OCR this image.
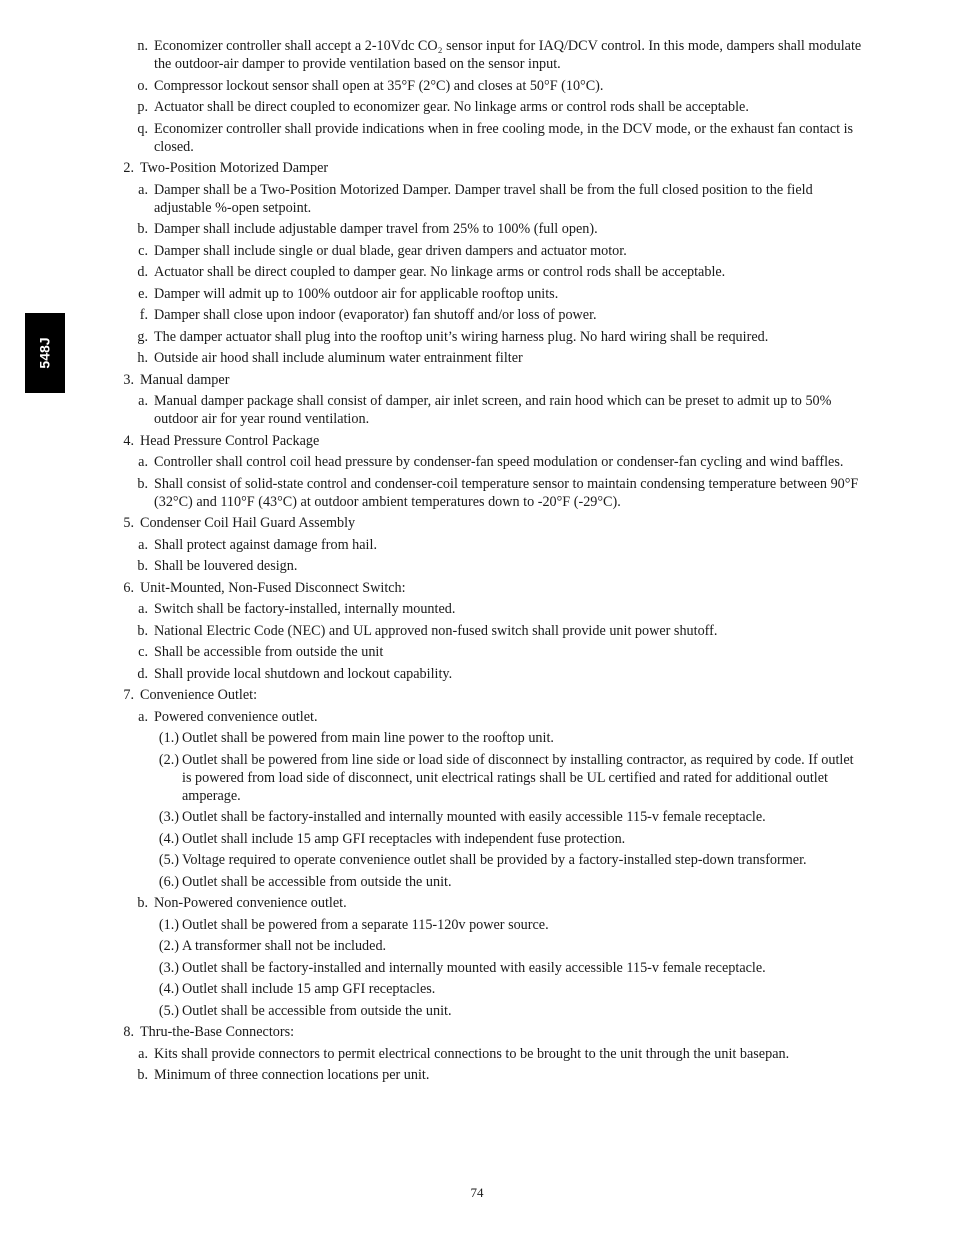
548J
n. Economizer controller shall accept a 2-10Vdc CO₂ sensor input for IAQ/DCV control. In this mode, dampers shall modulate the outdoor-air damper to provide ventilation based on the sensor input.
o. Compressor lockout sensor shall open at 35°F (2°C) and closes at 50°F (10°C).
p. Actuator shall be direct coupled to economizer gear. No linkage arms or control rods shall be acceptable.
q. Economizer controller shall provide indications when in free cooling mode, in the DCV mode, or the exhaust fan contact is closed.
2. Two-Position Motorized Damper
a. Damper shall be a Two-Position Motorized Damper. Damper travel shall be from the full closed position to the field adjustable %-open setpoint.
b. Damper shall include adjustable damper travel from 25% to 100% (full open).
c. Damper shall include single or dual blade, gear driven dampers and actuator motor.
d. Actuator shall be direct coupled to damper gear. No linkage arms or control rods shall be acceptable.
e. Damper will admit up to 100% outdoor air for applicable rooftop units.
f. Damper shall close upon indoor (evaporator) fan shutoff and/or loss of power.
g. The damper actuator shall plug into the rooftop unit’s wiring harness plug. No hard wiring shall be required.
h. Outside air hood shall include aluminum water entrainment filter
3. Manual damper
a. Manual damper package shall consist of damper, air inlet screen, and rain hood which can be preset to admit up to 50% outdoor air for year round ventilation.
4. Head Pressure Control Package
a. Controller shall control coil head pressure by condenser-fan speed modulation or condenser-fan cycling and wind baffles.
b. Shall consist of solid-state control and condenser-coil temperature sensor to maintain condensing temperature between 90°F (32°C) and 110°F (43°C) at outdoor ambient temperatures down to -20°F (-29°C).
5. Condenser Coil Hail Guard Assembly
a. Shall protect against damage from hail.
b. Shall be louvered design.
6. Unit-Mounted, Non-Fused Disconnect Switch:
a. Switch shall be factory-installed, internally mounted.
b. National Electric Code (NEC) and UL approved non-fused switch shall provide unit power shutoff.
c. Shall be accessible from outside the unit
d. Shall provide local shutdown and lockout capability.
7. Convenience Outlet:
a. Powered convenience outlet.
(1.) Outlet shall be powered from main line power to the rooftop unit.
(2.) Outlet shall be powered from line side or load side of disconnect by installing contractor, as required by code. If outlet is powered from load side of disconnect, unit electrical ratings shall be UL certified and rated for additional outlet amperage.
(3.) Outlet shall be factory-installed and internally mounted with easily accessible 115-v female receptacle.
(4.) Outlet shall include 15 amp GFI receptacles with independent fuse protection.
(5.) Voltage required to operate convenience outlet shall be provided by a factory-installed step-down transformer.
(6.) Outlet shall be accessible from outside the unit.
b. Non-Powered convenience outlet.
(1.) Outlet shall be powered from a separate 115-120v power source.
(2.) A transformer shall not be included.
(3.) Outlet shall be factory-installed and internally mounted with easily accessible 115-v female receptacle.
(4.) Outlet shall include 15 amp GFI receptacles.
(5.) Outlet shall be accessible from outside the unit.
8. Thru-the-Base Connectors:
a. Kits shall provide connectors to permit electrical connections to be brought to the unit through the unit basepan.
b. Minimum of three connection locations per unit.
74
